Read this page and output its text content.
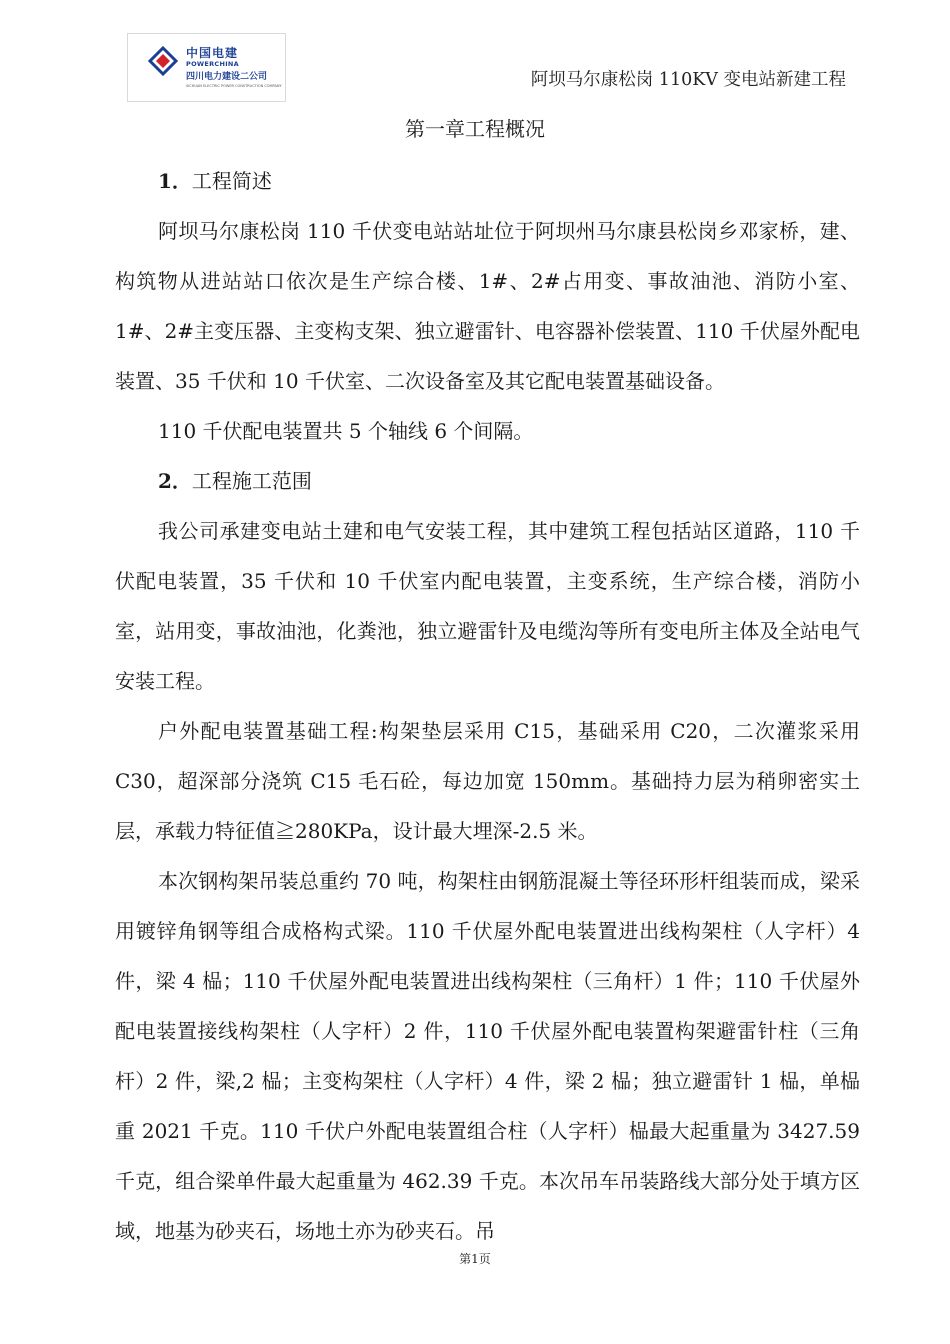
中国电建
POWERCHINA
四川电力建设二公司
SICHUAN ELECTRIC POWER CONSTRUCTION COMPANY	阿坝马尔康松岗 110KV 变电站新建工程
第一章工程概况

1．工程简述

阿坝马尔康松岗 110 千伏变电站站址位于阿坝州马尔康县松岗乡邓家桥，建、构筑物从进站站口依次是生产综合楼、1#、2#占用变、事故油池、消防小室、1#、2#主变压器、主变构支架、独立避雷针、电容器补偿装置、110 千伏屋外配电装置、35 千伏和 10 千伏室、二次设备室及其它配电装置基础设备。

110 千伏配电装置共 5 个轴线 6 个间隔。

2．工程施工范围

我公司承建变电站土建和电气安装工程，其中建筑工程包括站区道路，110 千伏配电装置，35 千伏和 10 千伏室内配电装置，主变系统，生产综合楼，消防小室，站用变，事故油池，化粪池，独立避雷针及电缆沟等所有变电所主体及全站电气安装工程。

户外配电装置基础工程:构架垫层采用 C15，基础采用 C20，二次灌浆采用 C30，超深部分浇筑 C15 毛石砼，每边加宽 150mm。基础持力层为稍卵密实土层，承载力特征值≧280KPa，设计最大埋深-2.5 米。

本次钢构架吊装总重约 70 吨，构架柱由钢筋混凝土等径环形杆组装而成，梁采用镀锌角钢等组合成格构式梁。110 千伏屋外配电装置进出线构架柱（人字杆）4 件，梁 4 榀；110 千伏屋外配电装置进出线构架柱（三角杆）1 件；110 千伏屋外配电装置接线构架柱（人字杆）2 件，110 千伏屋外配电装置构架避雷针柱（三角杆）2 件，梁,2 榀；主变构架柱（人字杆）4 件，梁 2 榀；独立避雷针 1 榀，单榀重 2021 千克。110 千伏户外配电装置组合柱（人字杆）榀最大起重量为 3427.59 千克，组合梁单件最大起重量为 462.39 千克。本次吊车吊装路线大部分处于填方区域，地基为砂夹石，场地土亦为砂夹石。吊

第1页
